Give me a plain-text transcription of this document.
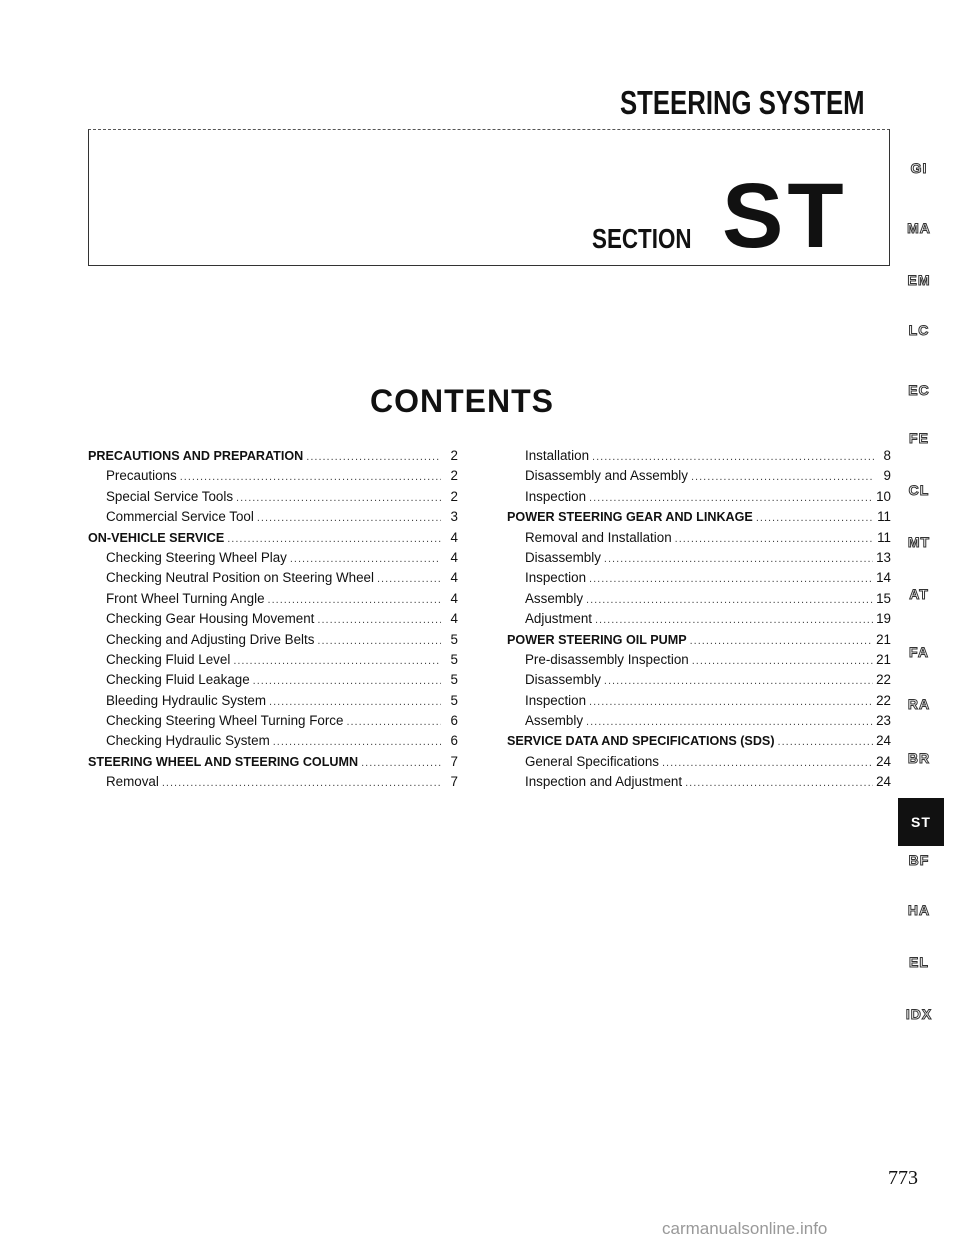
STEERING SYSTEM
SECTION ST
CONTENTS
PRECAUTIONS AND PREPARATION .....	2
Precautions .....	2
Special Service Tools .....	2
Commercial Service Tool .....	3
ON-VEHICLE SERVICE .....	4
Checking Steering Wheel Play .....	4
Checking Neutral Position on Steering Wheel .....	4
Front Wheel Turning Angle .....	4
Checking Gear Housing Movement .....	4
Checking and Adjusting Drive Belts .....	5
Checking Fluid Level .....	5
Checking Fluid Leakage .....	5
Bleeding Hydraulic System .....	5
Checking Steering Wheel Turning Force .....	6
Checking Hydraulic System .....	6
STEERING WHEEL AND STEERING COLUMN .....	7
Removal .....	7
Installation .....	8
Disassembly and Assembly .....	9
Inspection .....	10
POWER STEERING GEAR AND LINKAGE .....	11
Removal and Installation .....	11
Disassembly .....	13
Inspection .....	14
Assembly .....	15
Adjustment .....	19
POWER STEERING OIL PUMP .....	21
Pre-disassembly Inspection .....	21
Disassembly .....	22
Inspection .....	22
Assembly .....	23
SERVICE DATA AND SPECIFICATIONS (SDS) .....	24
General Specifications .....	24
Inspection and Adjustment .....	24
GI
MA
EM
LC
EC
FE
CL
MT
AT
FA
RA
BR
ST
BF
HA
EL
IDX
773
carmanualsonline.info
